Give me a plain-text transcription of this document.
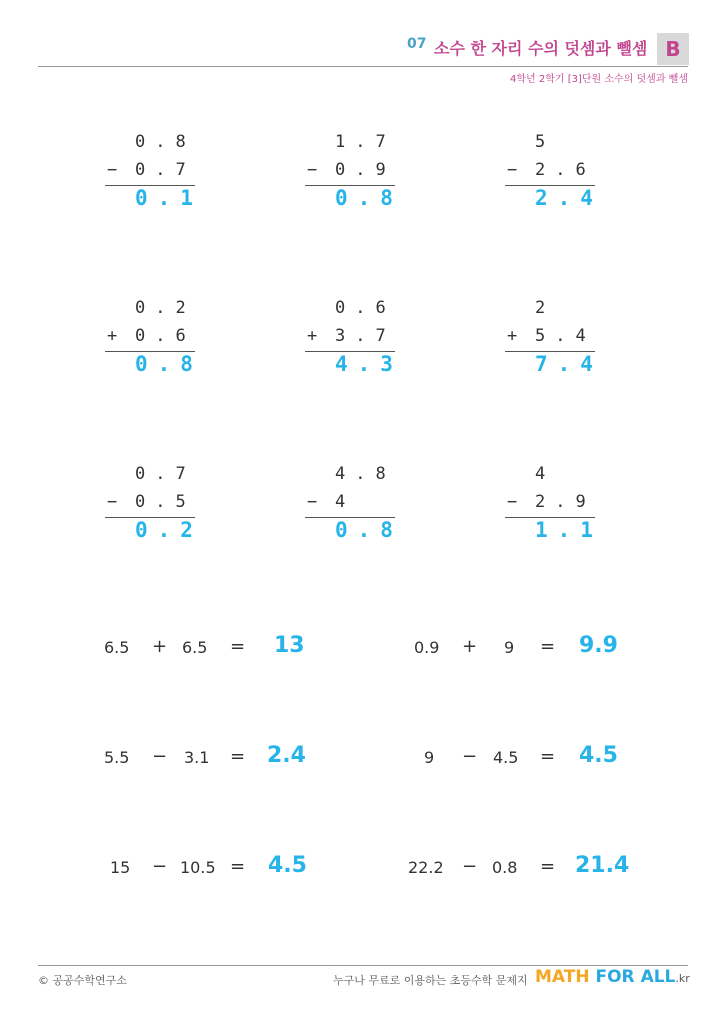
07 소수 한 자리 수의 덧셈과 뺄셈 B
4학년 2학기 [3]단원 소수의 덧셈과 뺄셈
0.8
− 0.7
0.1
1.7
− 0.9
0.8
5
− 2.6
2.4
0.2
+ 0.6
0.8
0.6
+ 3.7
4.3
2
+ 5.4
7.4
0.7
− 0.5
0.2
4.8
− 4
0.8
4
− 2.9
1.1
6.5 + 6.5 = 13	0.9 + 9 = 9.9
5.5 − 3.1 = 2.4	9 − 4.5 = 4.5
15 − 10.5 = 4.5	22.2 − 0.8 = 21.4
© 공공수학연구소	누구나 무료로 이용하는 초등수학 문제지 MATH FOR ALL.kr
